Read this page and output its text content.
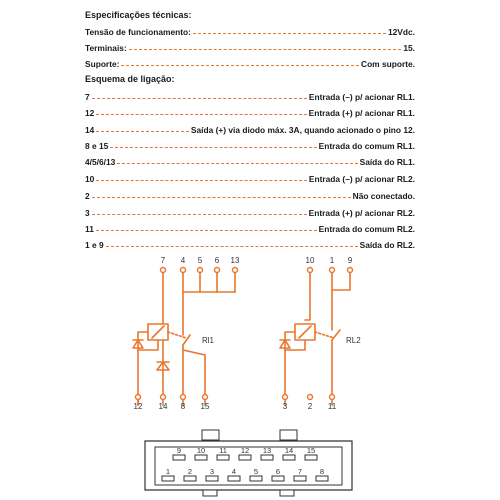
Especificações técnicas:
Tensão de funcionamento:	12Vdc.
Terminais:	15.
Suporte:	Com suporte.
Esquema de ligação:
7	Entrada (–) p/ acionar RL1.
12	Entrada (+) p/ acionar RL1.
14	Saída (+) via diodo máx. 3A, quando acionado o pino 12.
8 e 15	Entrada do comum RL1.
4/5/6/13	Saída do RL1.
10	Entrada (–) p/ acionar RL2.
2	Não conectado.
3	Entrada (+) p/ acionar RL2.
11	Entrada do comum RL2.
1 e 9	Saída do RL2.
7 4 5 6 13
12 14 8 15
Rl1
10 1 9
3	2 11
RL2
9 10 11 12 13 14 15
1 2 3 4 5 6 7 8
